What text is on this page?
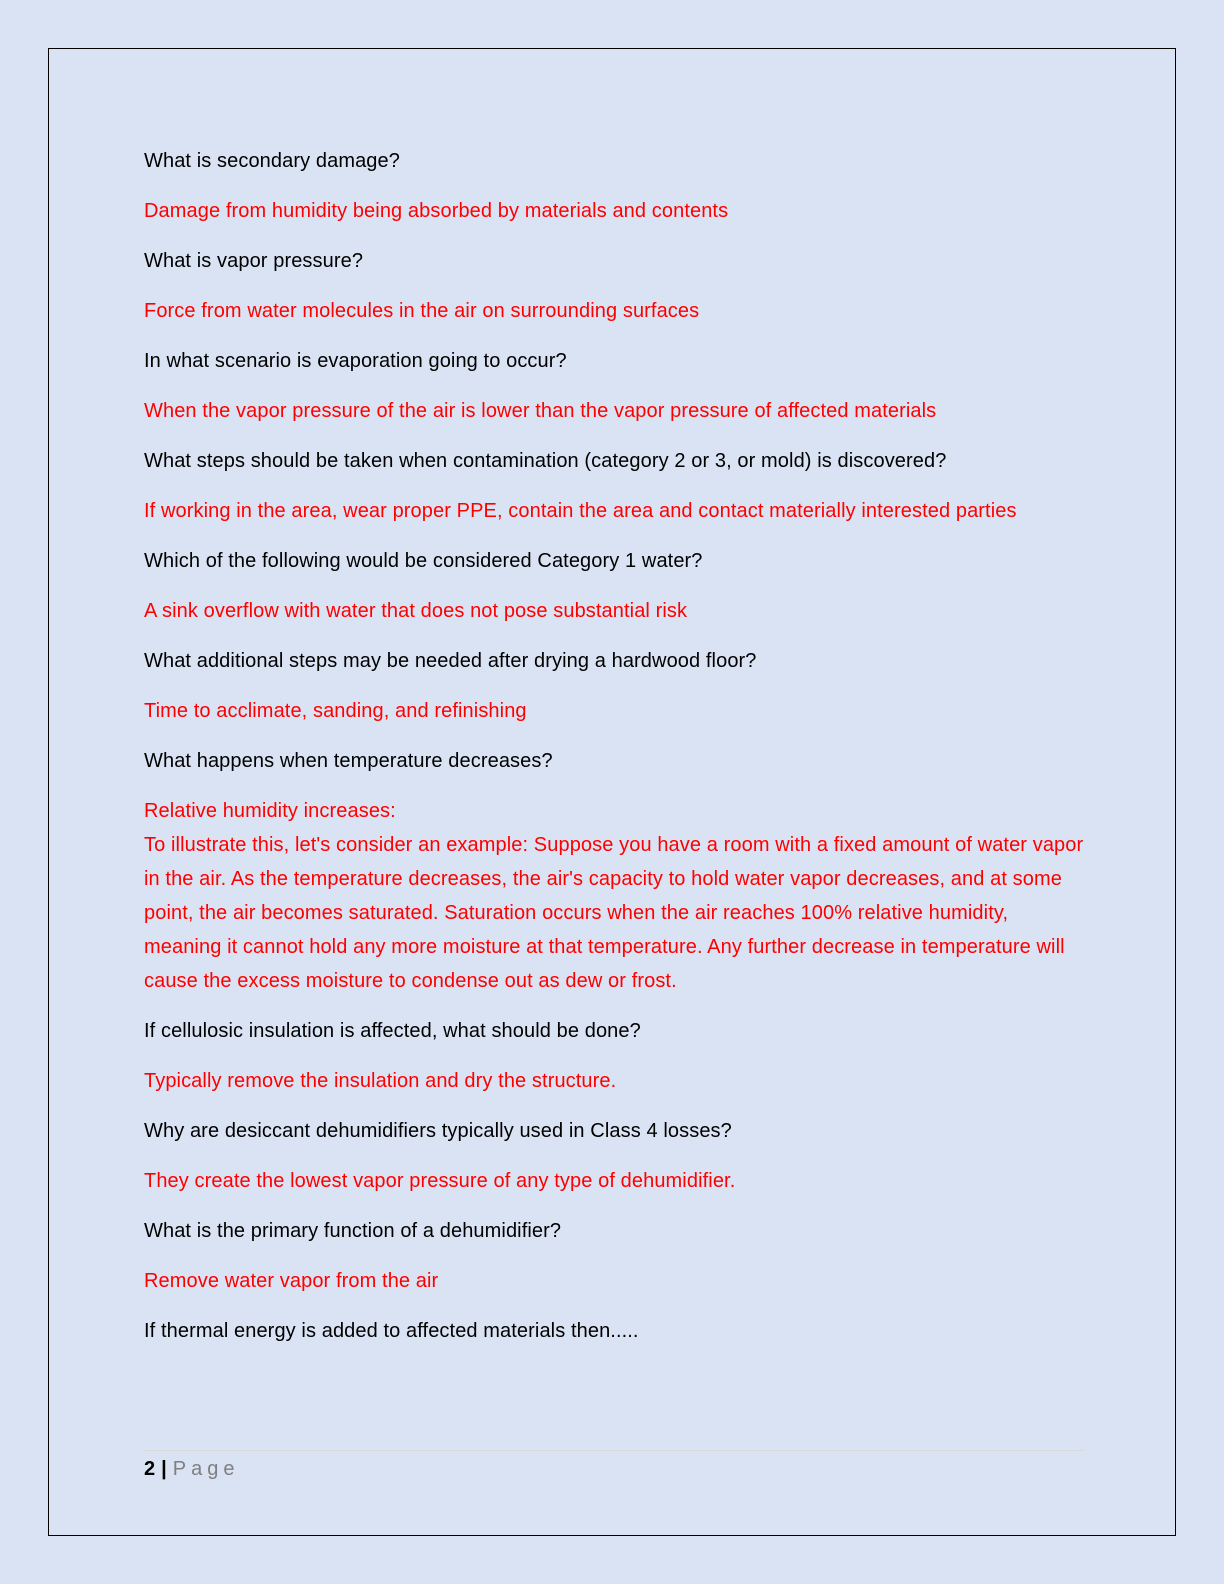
What is secondary damage?

Damage from humidity being absorbed by materials and contents

What is vapor pressure?

Force from water molecules in the air on surrounding surfaces

In what scenario is evaporation going to occur?

When the vapor pressure of the air is lower than the vapor pressure of affected materials

What steps should be taken when contamination (category 2 or 3, or mold) is discovered?

If working in the area, wear proper PPE, contain the area and contact materially interested parties

Which of the following would be considered Category 1 water?

A sink overflow with water that does not pose substantial risk

What additional steps may be needed after drying a hardwood floor?

Time to acclimate, sanding, and refinishing

What happens when temperature decreases?

Relative humidity increases:
To illustrate this, let's consider an example: Suppose you have a room with a fixed amount of water vapor in the air. As the temperature decreases, the air's capacity to hold water vapor decreases, and at some point, the air becomes saturated. Saturation occurs when the air reaches 100% relative humidity, meaning it cannot hold any more moisture at that temperature. Any further decrease in temperature will cause the excess moisture to condense out as dew or frost.

If cellulosic insulation is affected, what should be done?

Typically remove the insulation and dry the structure.

Why are desiccant dehumidifiers typically used in Class 4 losses?

They create the lowest vapor pressure of any type of dehumidifier.

What is the primary function of a dehumidifier?

Remove water vapor from the air

If thermal energy is added to affected materials then.....

2 | Page
